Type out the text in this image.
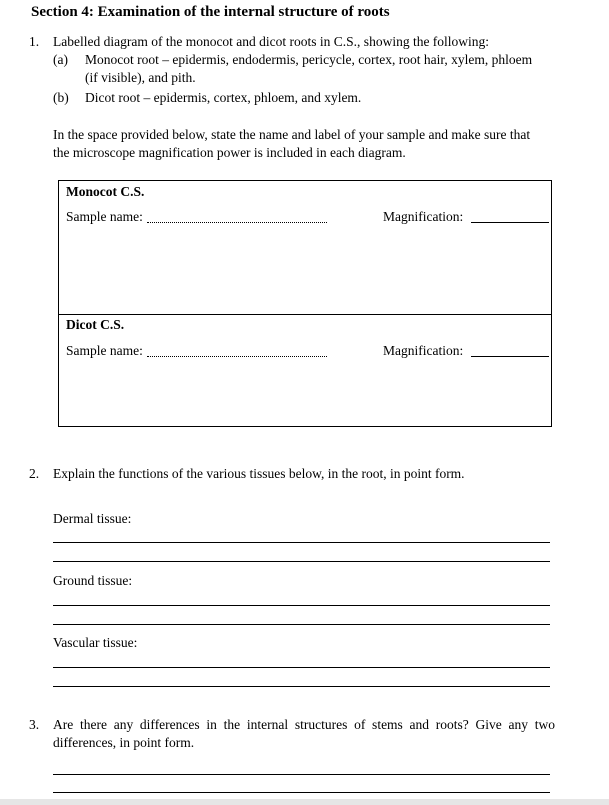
Section 4: Examination of the internal structure of roots
1. Labelled diagram of the monocot and dicot roots in C.S., showing the following:
(a) Monocot root – epidermis, endodermis, pericycle, cortex, root hair, xylem, phloem
(if visible), and pith.
(b) Dicot root – epidermis, cortex, phloem, and xylem.
In the space provided below, state the name and label of your sample and make sure that
the microscope magnification power is included in each diagram.
Monocot C.S.
Sample name:	Magnification:
Dicot C.S.
Sample name:	Magnification:
2. Explain the functions of the various tissues below, in the root, in point form.
Dermal tissue:
Ground tissue:
Vascular tissue:
3. Are there any differences in the internal structures of stems and roots? Give any two
differences, in point form.
